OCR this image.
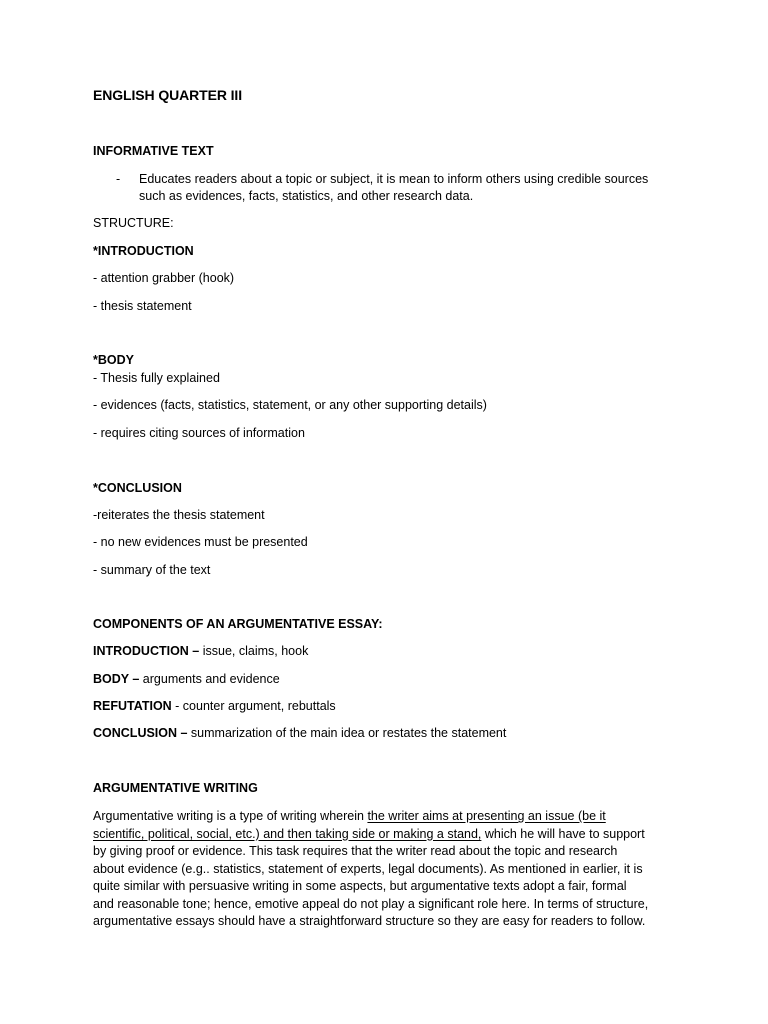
ENGLISH QUARTER III
INFORMATIVE TEXT
- Educates readers about a topic or subject, it is mean to inform others using credible sources
such as evidences, facts, statistics, and other research data.
STRUCTURE:
*INTRODUCTION
- attention grabber (hook)
- thesis statement
*BODY
- Thesis fully explained
- evidences (facts, statistics, statement, or any other supporting details)
- requires citing sources of information
*CONCLUSION
-reiterates the thesis statement
- no new evidences must be presented
- summary of the text
COMPONENTS OF AN ARGUMENTATIVE ESSAY:
INTRODUCTION – issue, claims, hook
BODY – arguments and evidence
REFUTATION - counter argument, rebuttals
CONCLUSION – summarization of the main idea or restates the statement
ARGUMENTATIVE WRITING
Argumentative writing is a type of writing wherein the writer aims at presenting an issue (be it
scientific, political, social, etc.) and then taking side or making a stand, which he will have to support
by giving proof or evidence. This task requires that the writer read about the topic and research
about evidence (e.g.. statistics, statement of experts, legal documents). As mentioned in earlier, it is
quite similar with persuasive writing in some aspects, but argumentative texts adopt a fair, formal
and reasonable tone; hence, emotive appeal do not play a significant role here. In terms of structure,
argumentative essays should have a straightforward structure so they are easy for readers to follow.
